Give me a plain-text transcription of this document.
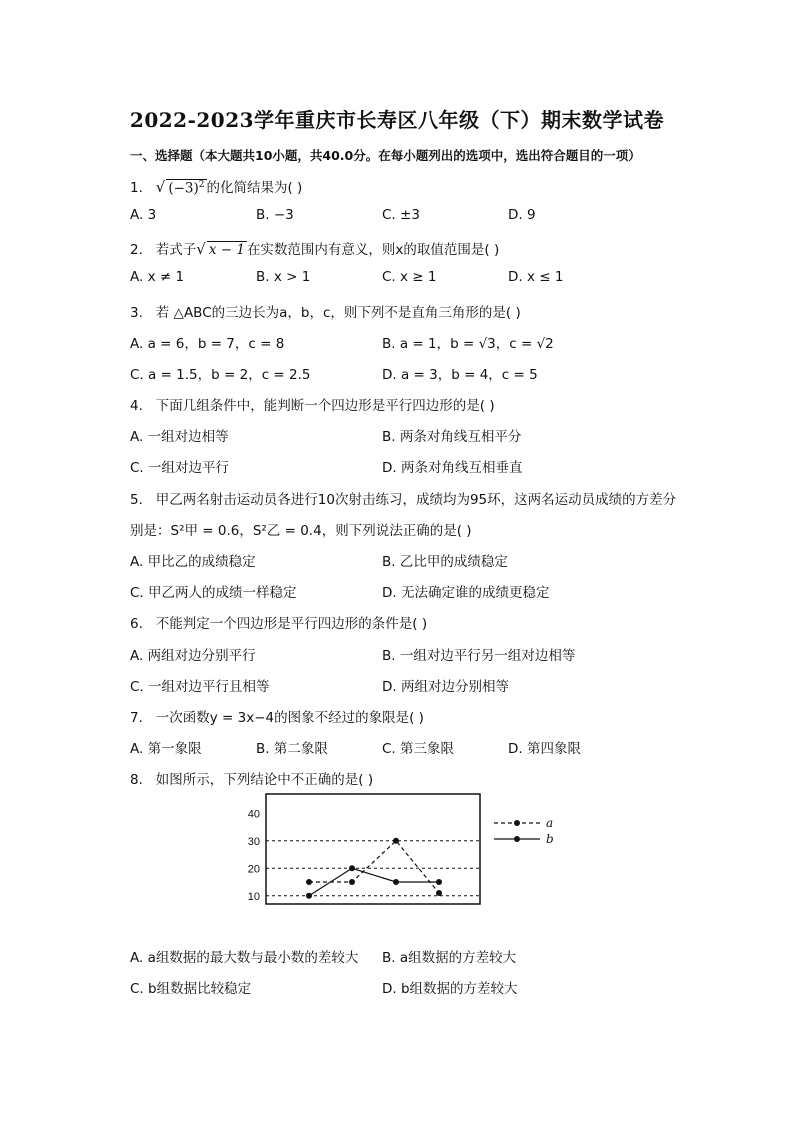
2022-2023学年重庆市长寿区八年级（下）期末数学试卷
一、选择题（本大题共10小题，共40.0分。在每小题列出的选项中，选出符合题目的一项）
1. √ $(-3)^2$ 的化简结果为( )
A. 3	B. −3	C. ±3	D. 9
2. 若式子√ x − 1 在实数范围内有意义，则x的取值范围是( )
A. x ≠ 1	B. x > 1	C. x ≥ 1	D. x ≤ 1
3. 若 △ABC的三边长为a，b，c，则下列不是直角三角形的是( )
A. a = 6，b = 7，c = 8	B. a = 1，b = √3，c = √2
C. a = 1.5，b = 2，c = 2.5	D. a = 3，b = 4，c = 5
4. 下面几组条件中，能判断一个四边形是平行四边形的是( )
A. 一组对边相等	B. 两条对角线互相平分
C. 一组对边平行	D. 两条对角线互相垂直
5. 甲乙两名射击运动员各进行10次射击练习，成绩均为95环，这两名运动员成绩的方差分
别是：S²甲 = 0.6，S²乙 = 0.4，则下列说法正确的是( )
A. 甲比乙的成绩稳定	B. 乙比甲的成绩稳定
C. 甲乙两人的成绩一样稳定	D. 无法确定谁的成绩更稳定
6. 不能判定一个四边形是平行四边形的条件是( )
A. 两组对边分别平行	B. 一组对边平行另一组对边相等
C. 一组对边平行且相等	D. 两组对边分别相等
7. 一次函数y = 3x−4的图象不经过的象限是( )
A. 第一象限	B. 第二象限	C. 第三象限	D. 第四象限
8. 如图所示，下列结论中不正确的是( )
10
20
30
40
a
b
A. a组数据的最大数与最小数的差较大 B. a组数据的方差较大
C. b组数据比较稳定	D. b组数据的方差较大
